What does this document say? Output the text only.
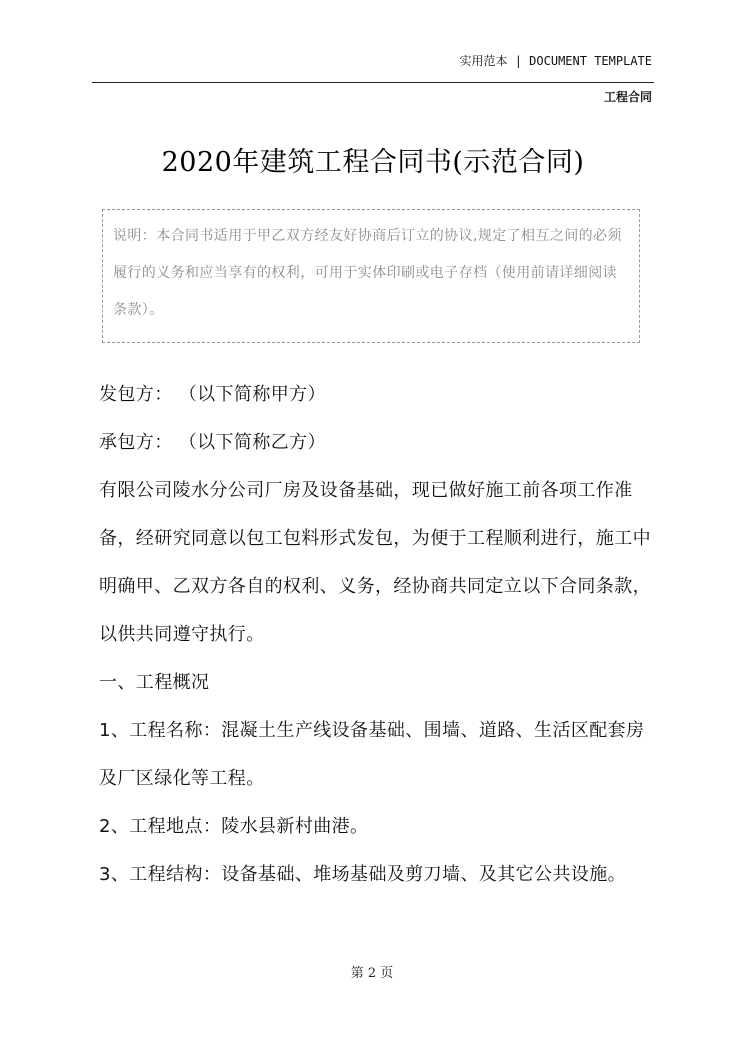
实用范本 | DOCUMENT TEMPLATE
工程合同
2020年建筑工程合同书(示范合同)
说明：本合同书适用于甲乙双方经友好协商后订立的协议,规定了相互之间的必须履行的义务和应当享有的权利，可用于实体印刷或电子存档（使用前请详细阅读条款）。

发包方： （以下简称甲方）

承包方： （以下简称乙方）

有限公司陵水分公司厂房及设备基础，现已做好施工前各项工作准备，经研究同意以包工包料形式发包，为便于工程顺利进行，施工中明确甲、乙双方各自的权利、义务，经协商共同定立以下合同条款，以供共同遵守执行。

一、工程概况

1、工程名称：混凝土生产线设备基础、围墙、道路、生活区配套房及厂区绿化等工程。

2、工程地点：陵水县新村曲港。

3、工程结构：设备基础、堆场基础及剪刀墙、及其它公共设施。

第 2 页
